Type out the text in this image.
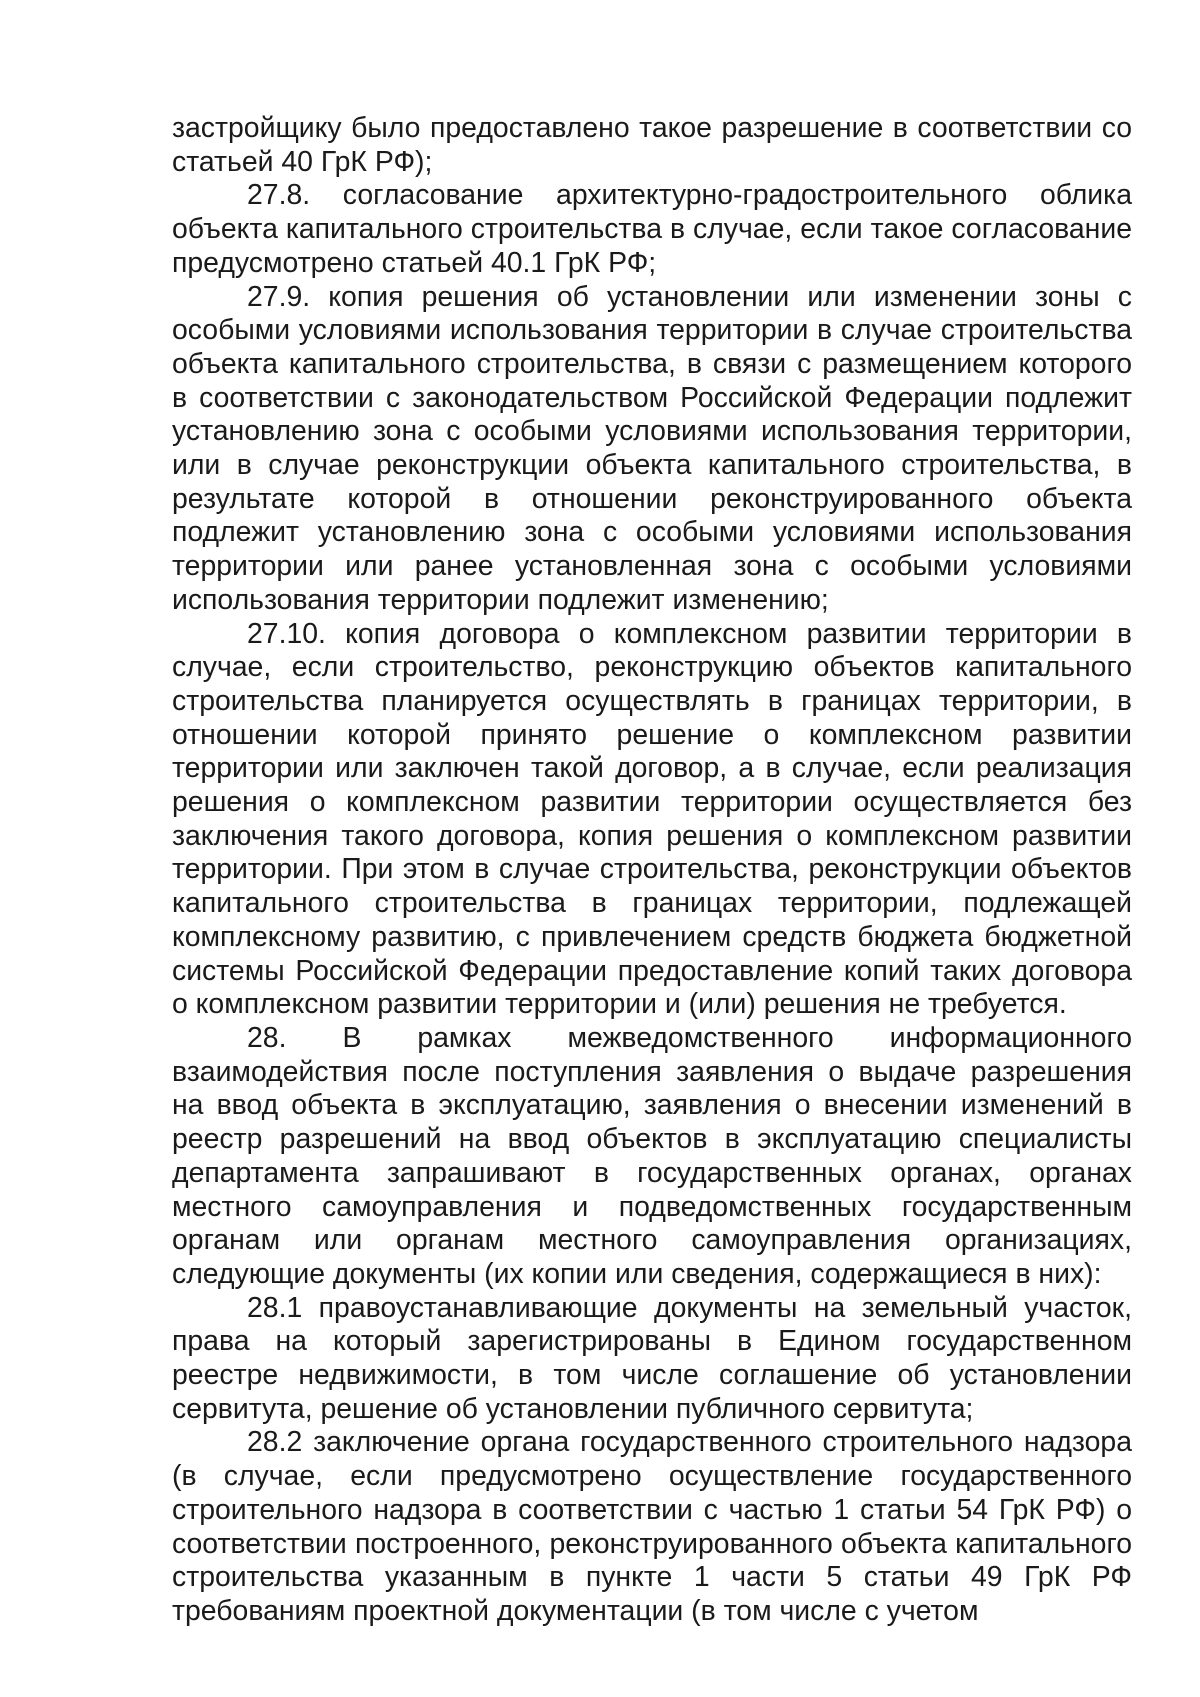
застройщику было предоставлено такое разрешение в соответствии со статьей 40 ГрК РФ);

27.8. согласование архитектурно-градостроительного облика объекта капитального строительства в случае, если такое согласование предусмотрено статьей 40.1 ГрК РФ;

27.9. копия решения об установлении или изменении зоны с особыми условиями использования территории в случае строительства объекта капитального строительства, в связи с размещением которого в соответствии с законодательством Российской Федерации подлежит установлению зона с особыми условиями использования территории, или в случае реконструкции объекта капитального строительства, в результате которой в отношении реконструированного объекта подлежит установлению зона с особыми условиями использования территории или ранее установленная зона с особыми условиями использования территории подлежит изменению;

27.10. копия договора о комплексном развитии территории в случае, если строительство, реконструкцию объектов капитального строительства планируется осуществлять в границах территории, в отношении которой принято решение о комплексном развитии территории или заключен такой договор, а в случае, если реализация решения о комплексном развитии территории осуществляется без заключения такого договора, копия решения о комплексном развитии территории. При этом в случае строительства, реконструкции объектов капитального строительства в границах территории, подлежащей комплексному развитию, с привлечением средств бюджета бюджетной системы Российской Федерации предоставление копий таких договора о комплексном развитии территории и (или) решения не требуется.

28. В рамках межведомственного информационного взаимодействия после поступления заявления о выдаче разрешения на ввод объекта в эксплуатацию, заявления о внесении изменений в реестр разрешений на ввод объектов в эксплуатацию специалисты департамента запрашивают в государственных органах, органах местного самоуправления и подведомственных государственным органам или органам местного самоуправления организациях, следующие документы (их копии или сведения, содержащиеся в них):

28.1 правоустанавливающие документы на земельный участок, права на который зарегистрированы в Едином государственном реестре недвижимости, в том числе соглашение об установлении сервитута, решение об установлении публичного сервитута;

28.2 заключение органа государственного строительного надзора (в случае, если предусмотрено осуществление государственного строительного надзора в соответствии с частью 1 статьи 54 ГрК РФ) о соответствии построенного, реконструированного объекта капитального строительства указанным в пункте 1 части 5 статьи 49 ГрК РФ требованиям проектной документации (в том числе с учетом
